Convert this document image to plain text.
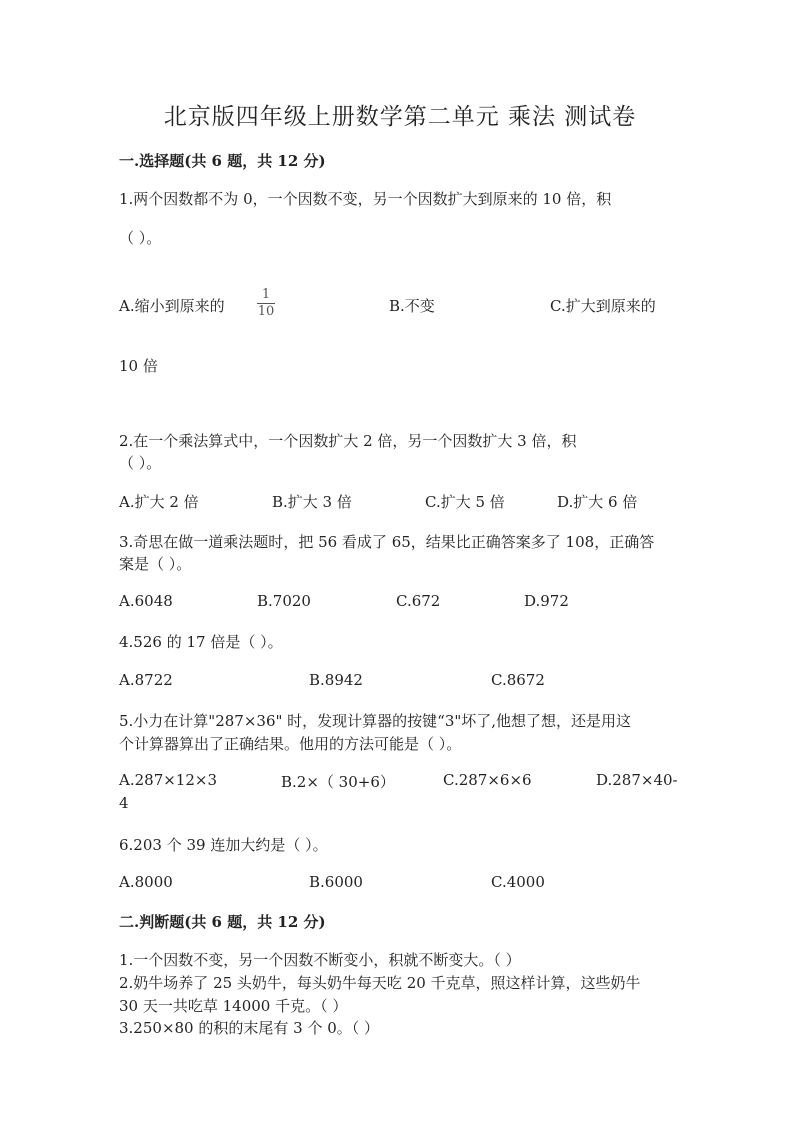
北京版四年级上册数学第二单元 乘法 测试卷
一.选择题(共 6 题，共 12 分)
1.两个因数都不为 0，一个因数不变，另一个因数扩大到原来的 10 倍，积
（ ）。
A.缩小到原来的
1
10	B.不变	C.扩大到原来的
10 倍
2.在一个乘法算式中，一个因数扩大 2 倍，另一个因数扩大 3 倍，积
（ ）。
A.扩大 2 倍	B.扩大 3 倍	C.扩大 5 倍	D.扩大 6 倍
3.奇思在做一道乘法题时，把 56 看成了 65，结果比正确答案多了 108，正确答
案是（ ）。
A.6048	B.7020	C.672	D.972
4.526 的 17 倍是（ ）。
A.8722	B.8942	C.8672
5.小力在计算"287×36" 时，发现计算器的按键“3"坏了,他想了想，还是用这
个计算器算出了正确结果。他用的方法可能是（ ）。
A.287×12×3	B.2×（ 30+6）	C.287×6×6	D.287×40-
4
6.203 个 39 连加大约是（ ）。
A.8000	B.6000	C.4000
二.判断题(共 6 题，共 12 分)
1.一个因数不变，另一个因数不断变小，积就不断变大。（ ）
2.奶牛场养了 25 头奶牛，每头奶牛每天吃 20 千克草，照这样计算，这些奶牛
30 天一共吃草 14000 千克。（ ）
3.250×80 的积的末尾有 3 个 0。（ ）
